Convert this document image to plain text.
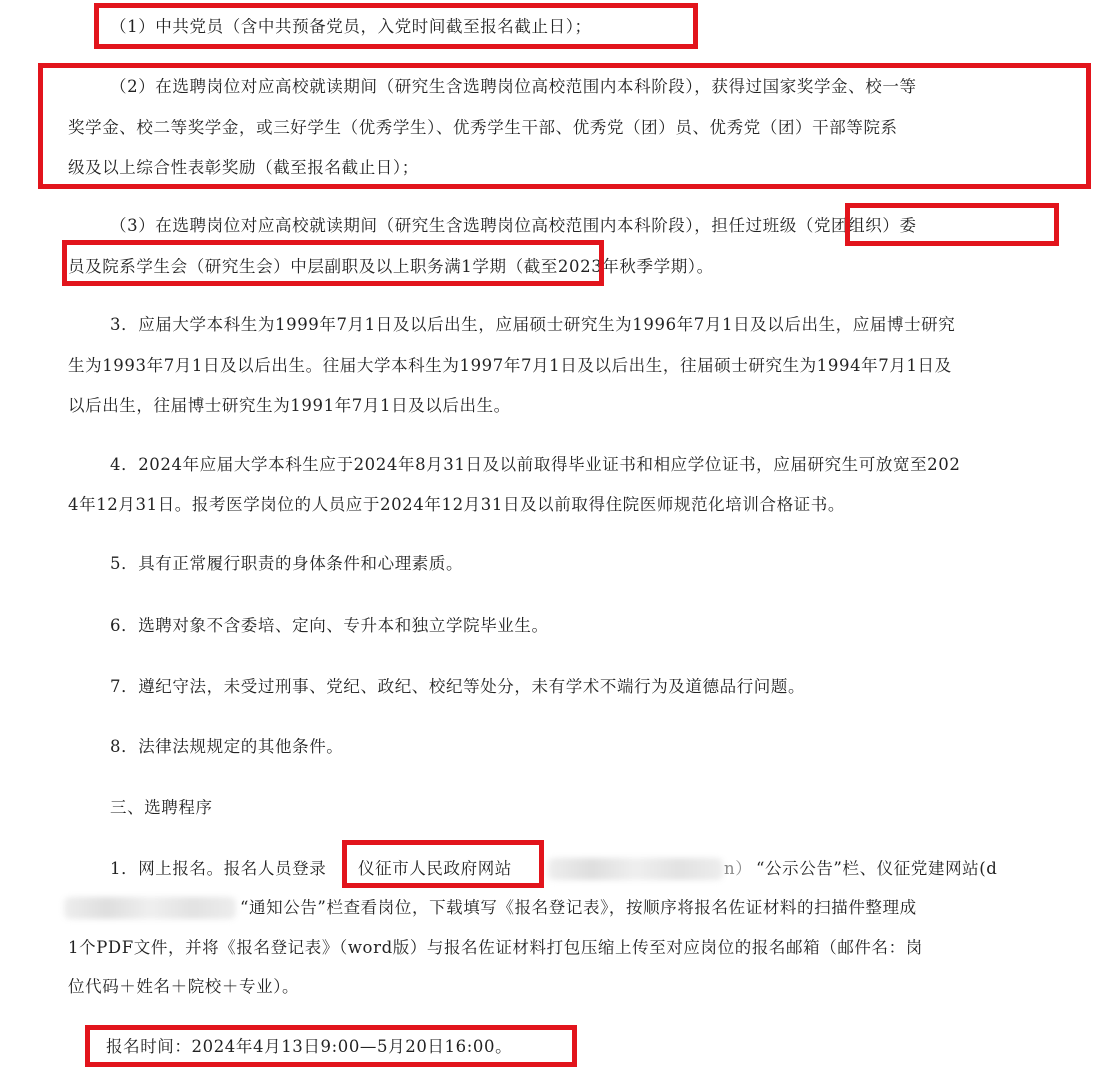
（1）中共党员（含中共预备党员，入党时间截至报名截止日）；
（2）在选聘岗位对应高校就读期间（研究生含选聘岗位高校范围内本科阶段），获得过国家奖学金、校一等
奖学金、校二等奖学金，或三好学生（优秀学生）、优秀学生干部、优秀党（团）员、优秀党（团）干部等院系
级及以上综合性表彰奖励（截至报名截止日）；
（3）在选聘岗位对应高校就读期间（研究生含选聘岗位高校范围内本科阶段），担任过班级（党团组织）委
员及院系学生会（研究生会）中层副职及以上职务满1学期（截至2023年秋季学期）。
3．应届大学本科生为1999年7月1日及以后出生，应届硕士研究生为1996年7月1日及以后出生，应届博士研究
生为1993年7月1日及以后出生。往届大学本科生为1997年7月1日及以后出生，往届硕士研究生为1994年7月1日及
以后出生，往届博士研究生为1991年7月1日及以后出生。
4．2024年应届大学本科生应于2024年8月31日及以前取得毕业证书和相应学位证书，应届研究生可放宽至202
4年12月31日。报考医学岗位的人员应于2024年12月31日及以前取得住院医师规范化培训合格证书。
5．具有正常履行职责的身体条件和心理素质。
6．选聘对象不含委培、定向、专升本和独立学院毕业生。
7．遵纪守法，未受过刑事、党纪、政纪、校纪等处分，未有学术不端行为及道德品行问题。
8．法律法规规定的其他条件。
三、选聘程序
1．网上报名。报名人员登录 仪征市人民政府网站	n） “公示公告”栏、仪征党建网站(d
“通知公告”栏查看岗位，下载填写《报名登记表》，按顺序将报名佐证材料的扫描件整理成
1个PDF文件，并将《报名登记表》（word版）与报名佐证材料打包压缩上传至对应岗位的报名邮箱（邮件名：岗
位代码＋姓名＋院校＋专业）。
报名时间：2024年4月13日9:00—5月20日16:00。
